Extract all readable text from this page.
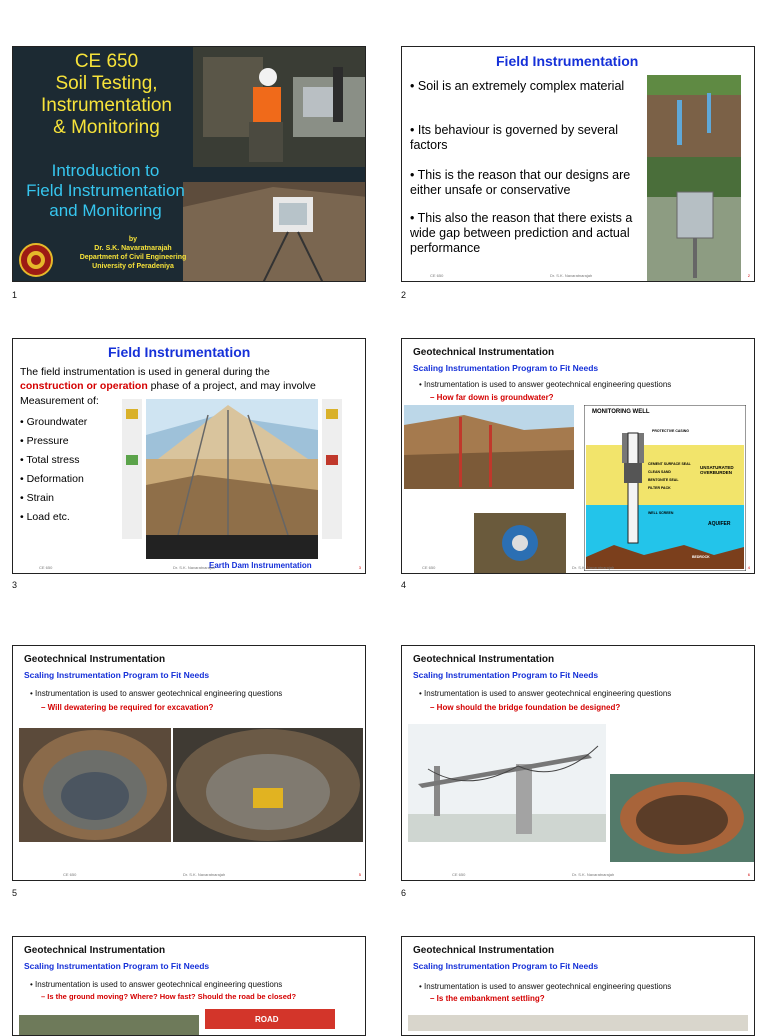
CE 650
Soil Testing,
Instrumentation
& Monitoring
Introduction to
Field Instrumentation
and Monitoring
by
Dr. S.K. Navaratnarajah
Department of Civil Engineering
University of Peradeniya
1
Field Instrumentation
• Soil is an extremely complex material
• Its behaviour is governed by several factors
• This is the reason that our designs are either unsafe or conservative
• This also the reason that there exists a wide gap between prediction and actual performance
CE 650	Dr. S.K. Navaratnarajah	2
2
Field Instrumentation
The field instrumentation is used in general during the
construction or operation phase of a project, and may involve
Measurement of:
• Groundwater
• Pressure
• Total stress
• Deformation
• Strain
• Load etc.
Earth Dam Instrumentation
CE 650	Dr. S.K. Navaratnarajah	3
3
Geotechnical Instrumentation
Scaling Instrumentation Program to Fit Needs
• Instrumentation is used to answer geotechnical engineering questions
– How far down is groundwater?
MONITORING WELL
PROTECTIVE CASING
CEMENT SURFACE SEAL
CLEAN SAND
BENTONITE SEAL
FILTER PACK
WELL SCREEN
UNSATURATED OVERBURDEN
AQUIFER
BEDROCK
CE 650	Dr. S.K. Navaratnarajah	4
4
Geotechnical Instrumentation
Scaling Instrumentation Program to Fit Needs
• Instrumentation is used to answer geotechnical engineering questions
– Will dewatering be required for excavation?
CE 650	Dr. S.K. Navaratnarajah	5
5
Geotechnical Instrumentation
Scaling Instrumentation Program to Fit Needs
• Instrumentation is used to answer geotechnical engineering questions
– How should the bridge foundation be designed?
CE 650	Dr. S.K. Navaratnarajah	6
6
Geotechnical Instrumentation
Scaling Instrumentation Program to Fit Needs
• Instrumentation is used to answer geotechnical engineering questions
– Is the ground moving? Where? How fast? Should the road be closed?
ROAD
Geotechnical Instrumentation
Scaling Instrumentation Program to Fit Needs
• Instrumentation is used to answer geotechnical engineering questions
– Is the embankment settling?
